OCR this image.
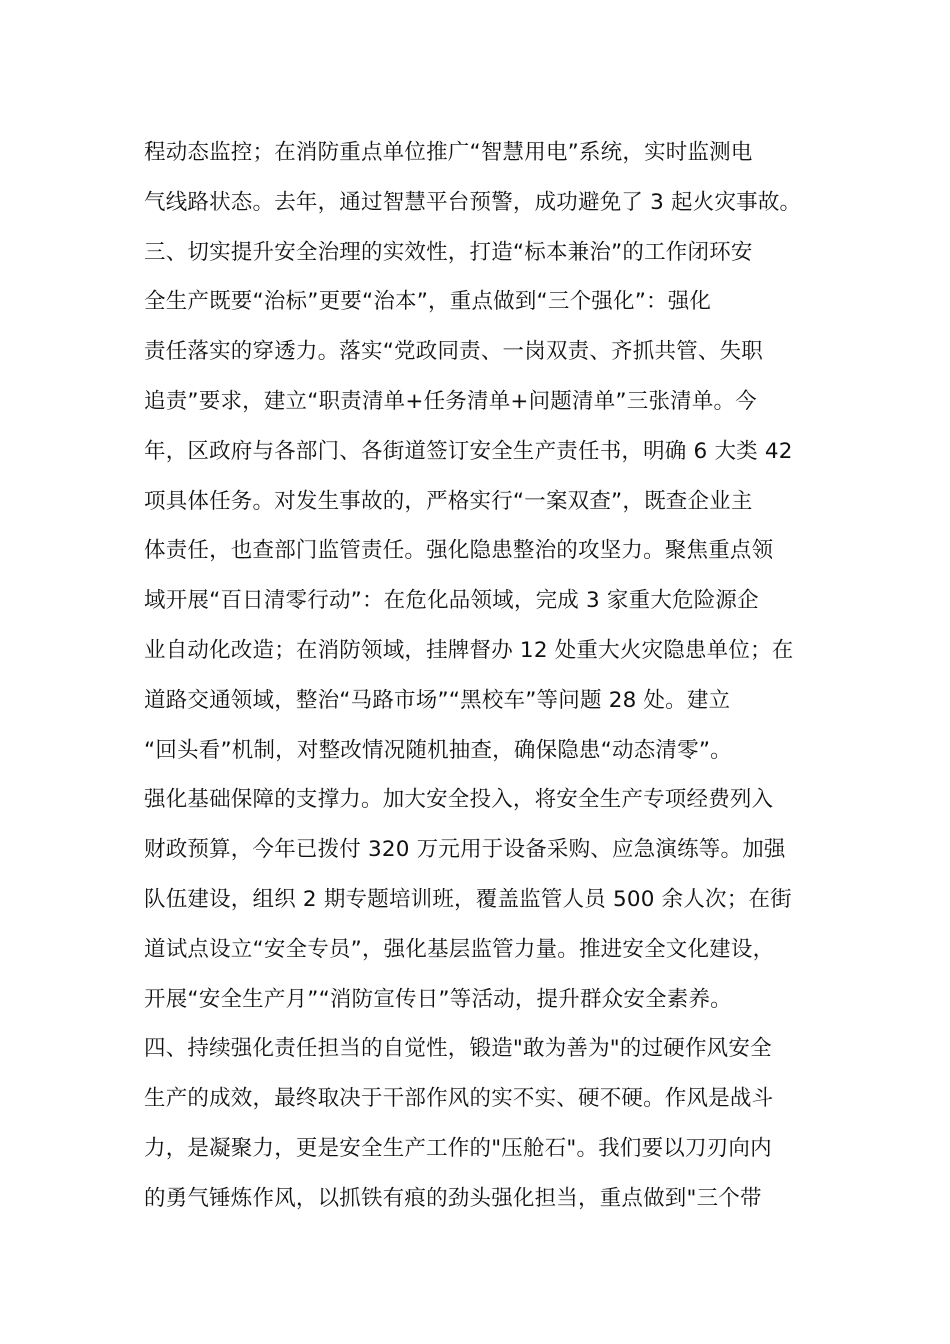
程动态监控；在消防重点单位推广“智慧用电”系统，实时监测电
气线路状态。去年，通过智慧平台预警，成功避免了 3 起火灾事故。
三、切实提升安全治理的实效性，打造“标本兼治”的工作闭环安
全生产既要“治标”更要“治本”，重点做到“三个强化”：强化
责任落实的穿透力。落实“党政同责、一岗双责、齐抓共管、失职
追责”要求，建立“职责清单+任务清单+问题清单”三张清单。今
年，区政府与各部门、各街道签订安全生产责任书，明确 6 大类 42
项具体任务。对发生事故的，严格实行“一案双查”，既查企业主
体责任，也查部门监管责任。强化隐患整治的攻坚力。聚焦重点领
域开展“百日清零行动”：在危化品领域，完成 3 家重大危险源企
业自动化改造；在消防领域，挂牌督办 12 处重大火灾隐患单位；在
道路交通领域，整治“马路市场”“黑校车”等问题 28 处。建立
“回头看”机制，对整改情况随机抽查，确保隐患“动态清零”。
强化基础保障的支撑力。加大安全投入，将安全生产专项经费列入
财政预算，今年已拨付 320 万元用于设备采购、应急演练等。加强
队伍建设，组织 2 期专题培训班，覆盖监管人员 500 余人次；在街
道试点设立“安全专员”，强化基层监管力量。推进安全文化建设，
开展“安全生产月”“消防宣传日”等活动，提升群众安全素养。
四、持续强化责任担当的自觉性，锻造"敢为善为"的过硬作风安全
生产的成效，最终取决于干部作风的实不实、硬不硬。作风是战斗
力，是凝聚力，更是安全生产工作的"压舱石"。我们要以刀刃向内
的勇气锤炼作风，以抓铁有痕的劲头强化担当，重点做到"三个带
